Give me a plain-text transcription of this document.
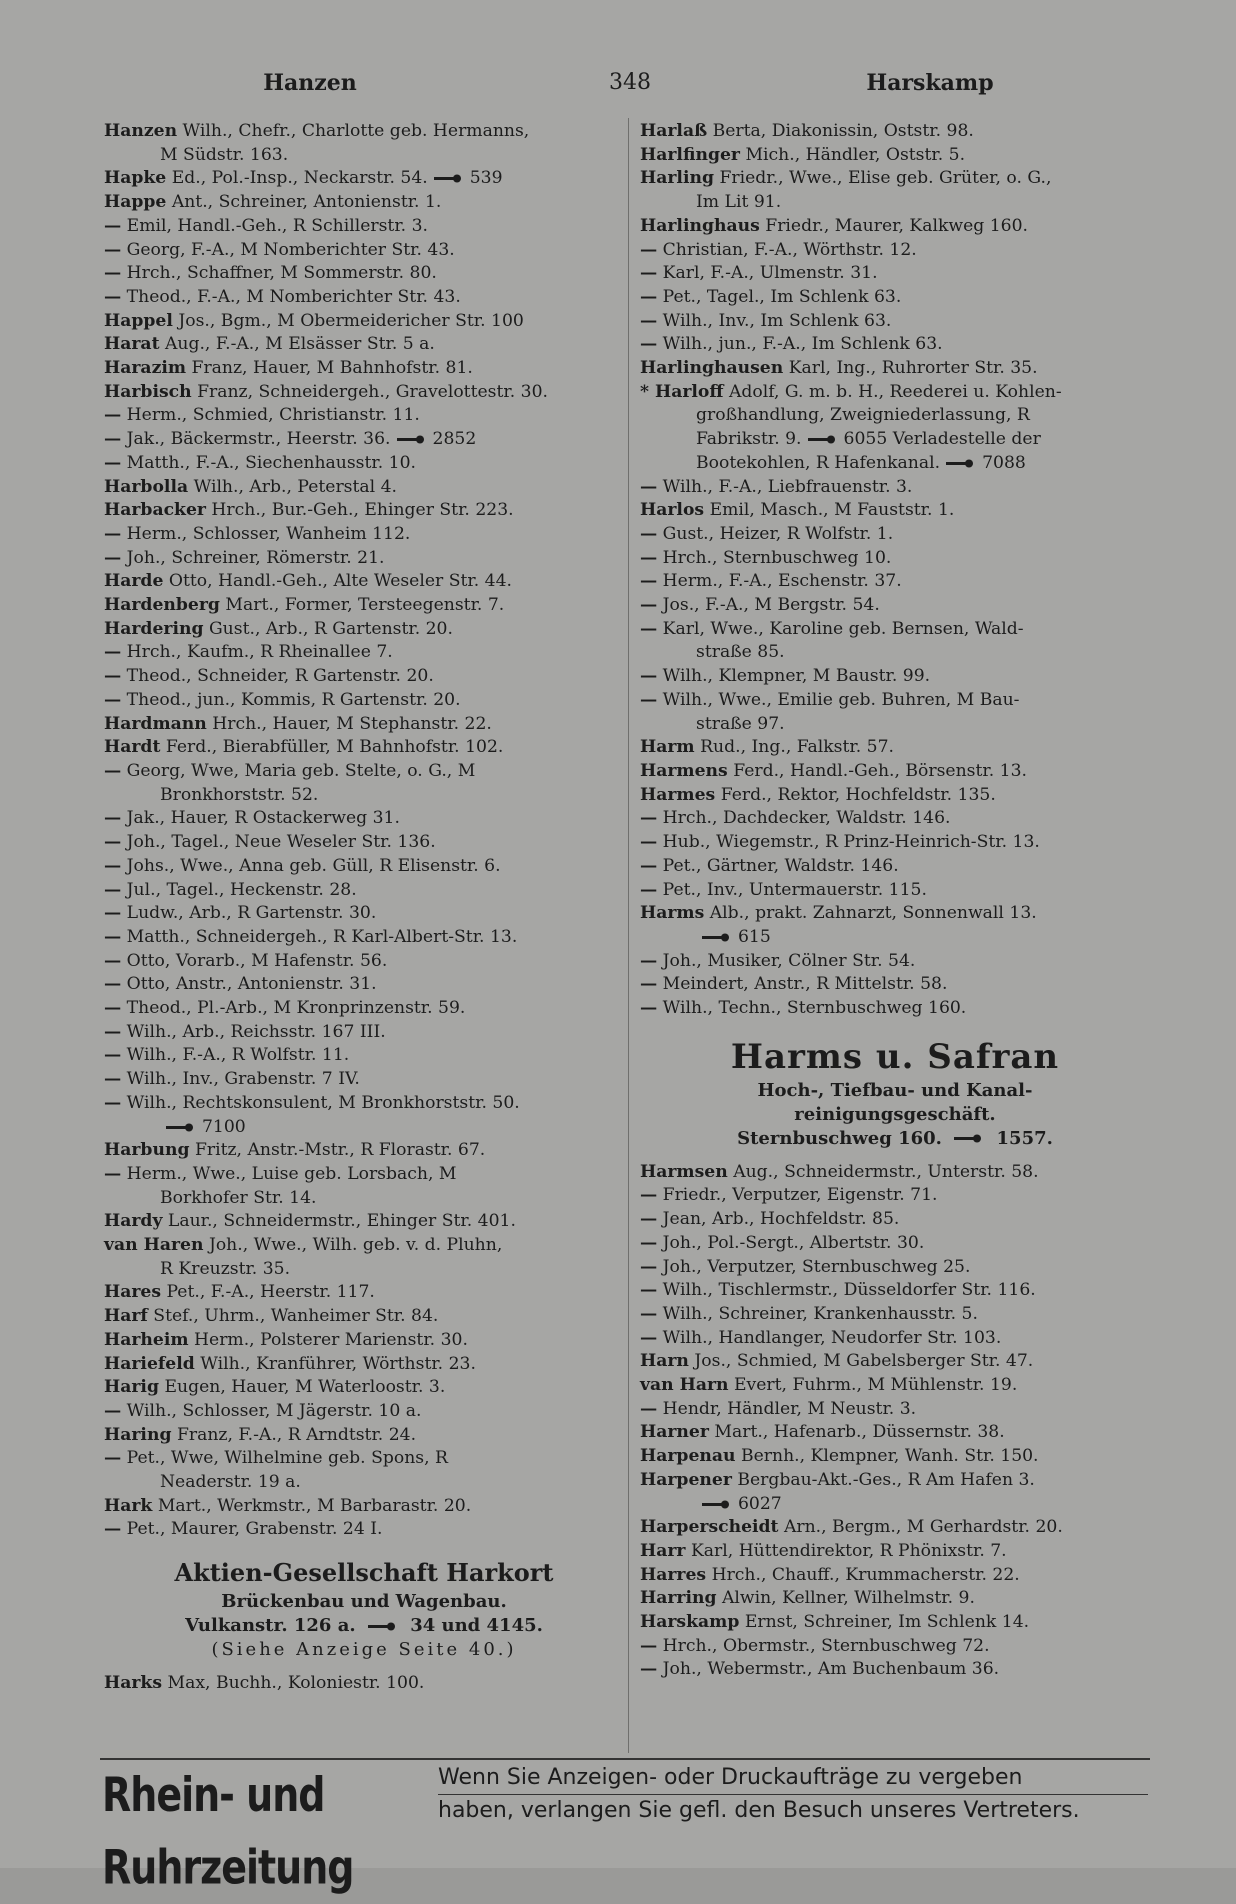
Hanzen	348	Harskamp
Hanzen Wilh., Chefr., Charlotte geb. Hermanns,
M Südstr. 163.
Hapke Ed., Pol.-Insp., Neckarstr. 54. 539
Happe Ant., Schreiner, Antonienstr. 1.
— Emil, Handl.-Geh., R Schillerstr. 3.
— Georg, F.-A., M Nomberichter Str. 43.
— Hrch., Schaffner, M Sommerstr. 80.
— Theod., F.-A., M Nomberichter Str. 43.
Happel Jos., Bgm., M Obermeidericher Str. 100
Harat Aug., F.-A., M Elsässer Str. 5 a.
Harazim Franz, Hauer, M Bahnhofstr. 81.
Harbisch Franz, Schneidergeh., Gravelottestr. 30.
— Herm., Schmied, Christianstr. 11.
— Jak., Bäckermstr., Heerstr. 36. 2852
— Matth., F.-A., Siechenhausstr. 10.
Harbolla Wilh., Arb., Peterstal 4.
Harbacker Hrch., Bur.-Geh., Ehinger Str. 223.
— Herm., Schlosser, Wanheim 112.
— Joh., Schreiner, Römerstr. 21.
Harde Otto, Handl.-Geh., Alte Weseler Str. 44.
Hardenberg Mart., Former, Tersteegenstr. 7.
Hardering Gust., Arb., R Gartenstr. 20.
— Hrch., Kaufm., R Rheinallee 7.
— Theod., Schneider, R Gartenstr. 20.
— Theod., jun., Kommis, R Gartenstr. 20.
Hardmann Hrch., Hauer, M Stephanstr. 22.
Hardt Ferd., Bierabfüller, M Bahnhofstr. 102.
— Georg, Wwe, Maria geb. Stelte, o. G., M
Bronkhorststr. 52.
— Jak., Hauer, R Ostackerweg 31.
— Joh., Tagel., Neue Weseler Str. 136.
— Johs., Wwe., Anna geb. Güll, R Elisenstr. 6.
— Jul., Tagel., Heckenstr. 28.
— Ludw., Arb., R Gartenstr. 30.
— Matth., Schneidergeh., R Karl-Albert-Str. 13.
— Otto, Vorarb., M Hafenstr. 56.
— Otto, Anstr., Antonienstr. 31.
— Theod., Pl.-Arb., M Kronprinzenstr. 59.
— Wilh., Arb., Reichsstr. 167 III.
— Wilh., F.-A., R Wolfstr. 11.
— Wilh., Inv., Grabenstr. 7 IV.
— Wilh., Rechtskonsulent, M Bronkhorststr. 50.
7100
Harbung Fritz, Anstr.-Mstr., R Florastr. 67.
— Herm., Wwe., Luise geb. Lorsbach, M
Borkhofer Str. 14.
Hardy Laur., Schneidermstr., Ehinger Str. 401.
van Haren Joh., Wwe., Wilh. geb. v. d. Pluhn,
R Kreuzstr. 35.
Hares Pet., F.-A., Heerstr. 117.
Harf Stef., Uhrm., Wanheimer Str. 84.
Harheim Herm., Polsterer Marienstr. 30.
Hariefeld Wilh., Kranführer, Wörthstr. 23.
Harig Eugen, Hauer, M Waterloostr. 3.
— Wilh., Schlosser, M Jägerstr. 10 a.
Haring Franz, F.-A., R Arndtstr. 24.
— Pet., Wwe, Wilhelmine geb. Spons, R
Neaderstr. 19 a.
Hark Mart., Werkmstr., M Barbarastr. 20.
— Pet., Maurer, Grabenstr. 24 I.
Aktien-Gesellschaft Harkort
Brückenbau und Wagenbau.
Vulkanstr. 126 a.	34 und 4145.
(Siehe Anzeige Seite 40.)
Harks Max, Buchh., Koloniestr. 100.
Harlaß Berta, Diakonissin, Oststr. 98.
Harlfinger Mich., Händler, Oststr. 5.
Harling Friedr., Wwe., Elise geb. Grüter, o. G.,
Im Lit 91.
Harlinghaus Friedr., Maurer, Kalkweg 160.
— Christian, F.-A., Wörthstr. 12.
— Karl, F.-A., Ulmenstr. 31.
— Pet., Tagel., Im Schlenk 63.
— Wilh., Inv., Im Schlenk 63.
— Wilh., jun., F.-A., Im Schlenk 63.
Harlinghausen Karl, Ing., Ruhrorter Str. 35.
* Harloff Adolf, G. m. b. H., Reederei u. Kohlen-
großhandlung, Zweigniederlassung, R
Fabrikstr. 9. 6055 Verladestelle der
Bootekohlen, R Hafenkanal. 7088
— Wilh., F.-A., Liebfrauenstr. 3.
Harlos Emil, Masch., M Fauststr. 1.
— Gust., Heizer, R Wolfstr. 1.
— Hrch., Sternbuschweg 10.
— Herm., F.-A., Eschenstr. 37.
— Jos., F.-A., M Bergstr. 54.
— Karl, Wwe., Karoline geb. Bernsen, Wald-
straße 85.
— Wilh., Klempner, M Baustr. 99.
— Wilh., Wwe., Emilie geb. Buhren, M Bau-
straße 97.
Harm Rud., Ing., Falkstr. 57.
Harmens Ferd., Handl.-Geh., Börsenstr. 13.
Harmes Ferd., Rektor, Hochfeldstr. 135.
— Hrch., Dachdecker, Waldstr. 146.
— Hub., Wiegemstr., R Prinz-Heinrich-Str. 13.
— Pet., Gärtner, Waldstr. 146.
— Pet., Inv., Untermauerstr. 115.
Harms Alb., prakt. Zahnarzt, Sonnenwall 13.
615
— Joh., Musiker, Cölner Str. 54.
— Meindert, Anstr., R Mittelstr. 58.
— Wilh., Techn., Sternbuschweg 160.
Harms u. Safran
Hoch-, Tiefbau- und Kanal-
reinigungsgeschäft.
Sternbuschweg 160.	1557.
Harmsen Aug., Schneidermstr., Unterstr. 58.
— Friedr., Verputzer, Eigenstr. 71.
— Jean, Arb., Hochfeldstr. 85.
— Joh., Pol.-Sergt., Albertstr. 30.
— Joh., Verputzer, Sternbuschweg 25.
— Wilh., Tischlermstr., Düsseldorfer Str. 116.
— Wilh., Schreiner, Krankenhausstr. 5.
— Wilh., Handlanger, Neudorfer Str. 103.
Harn Jos., Schmied, M Gabelsberger Str. 47.
van Harn Evert, Fuhrm., M Mühlenstr. 19.
— Hendr, Händler, M Neustr. 3.
Harner Mart., Hafenarb., Düssernstr. 38.
Harpenau Bernh., Klempner, Wanh. Str. 150.
Harpener Bergbau-Akt.-Ges., R Am Hafen 3.
6027
Harperscheidt Arn., Bergm., M Gerhardstr. 20.
Harr Karl, Hüttendirektor, R Phönixstr. 7.
Harres Hrch., Chauff., Krummacherstr. 22.
Harring Alwin, Kellner, Wilhelmstr. 9.
Harskamp Ernst, Schreiner, Im Schlenk 14.
— Hrch., Obermstr., Sternbuschweg 72.
— Joh., Webermstr., Am Buchenbaum 36.
Rhein- und Ruhrzeitung
Wenn Sie Anzeigen- oder Druckaufträge zu vergeben
haben, verlangen Sie gefl. den Besuch unseres Vertreters.
